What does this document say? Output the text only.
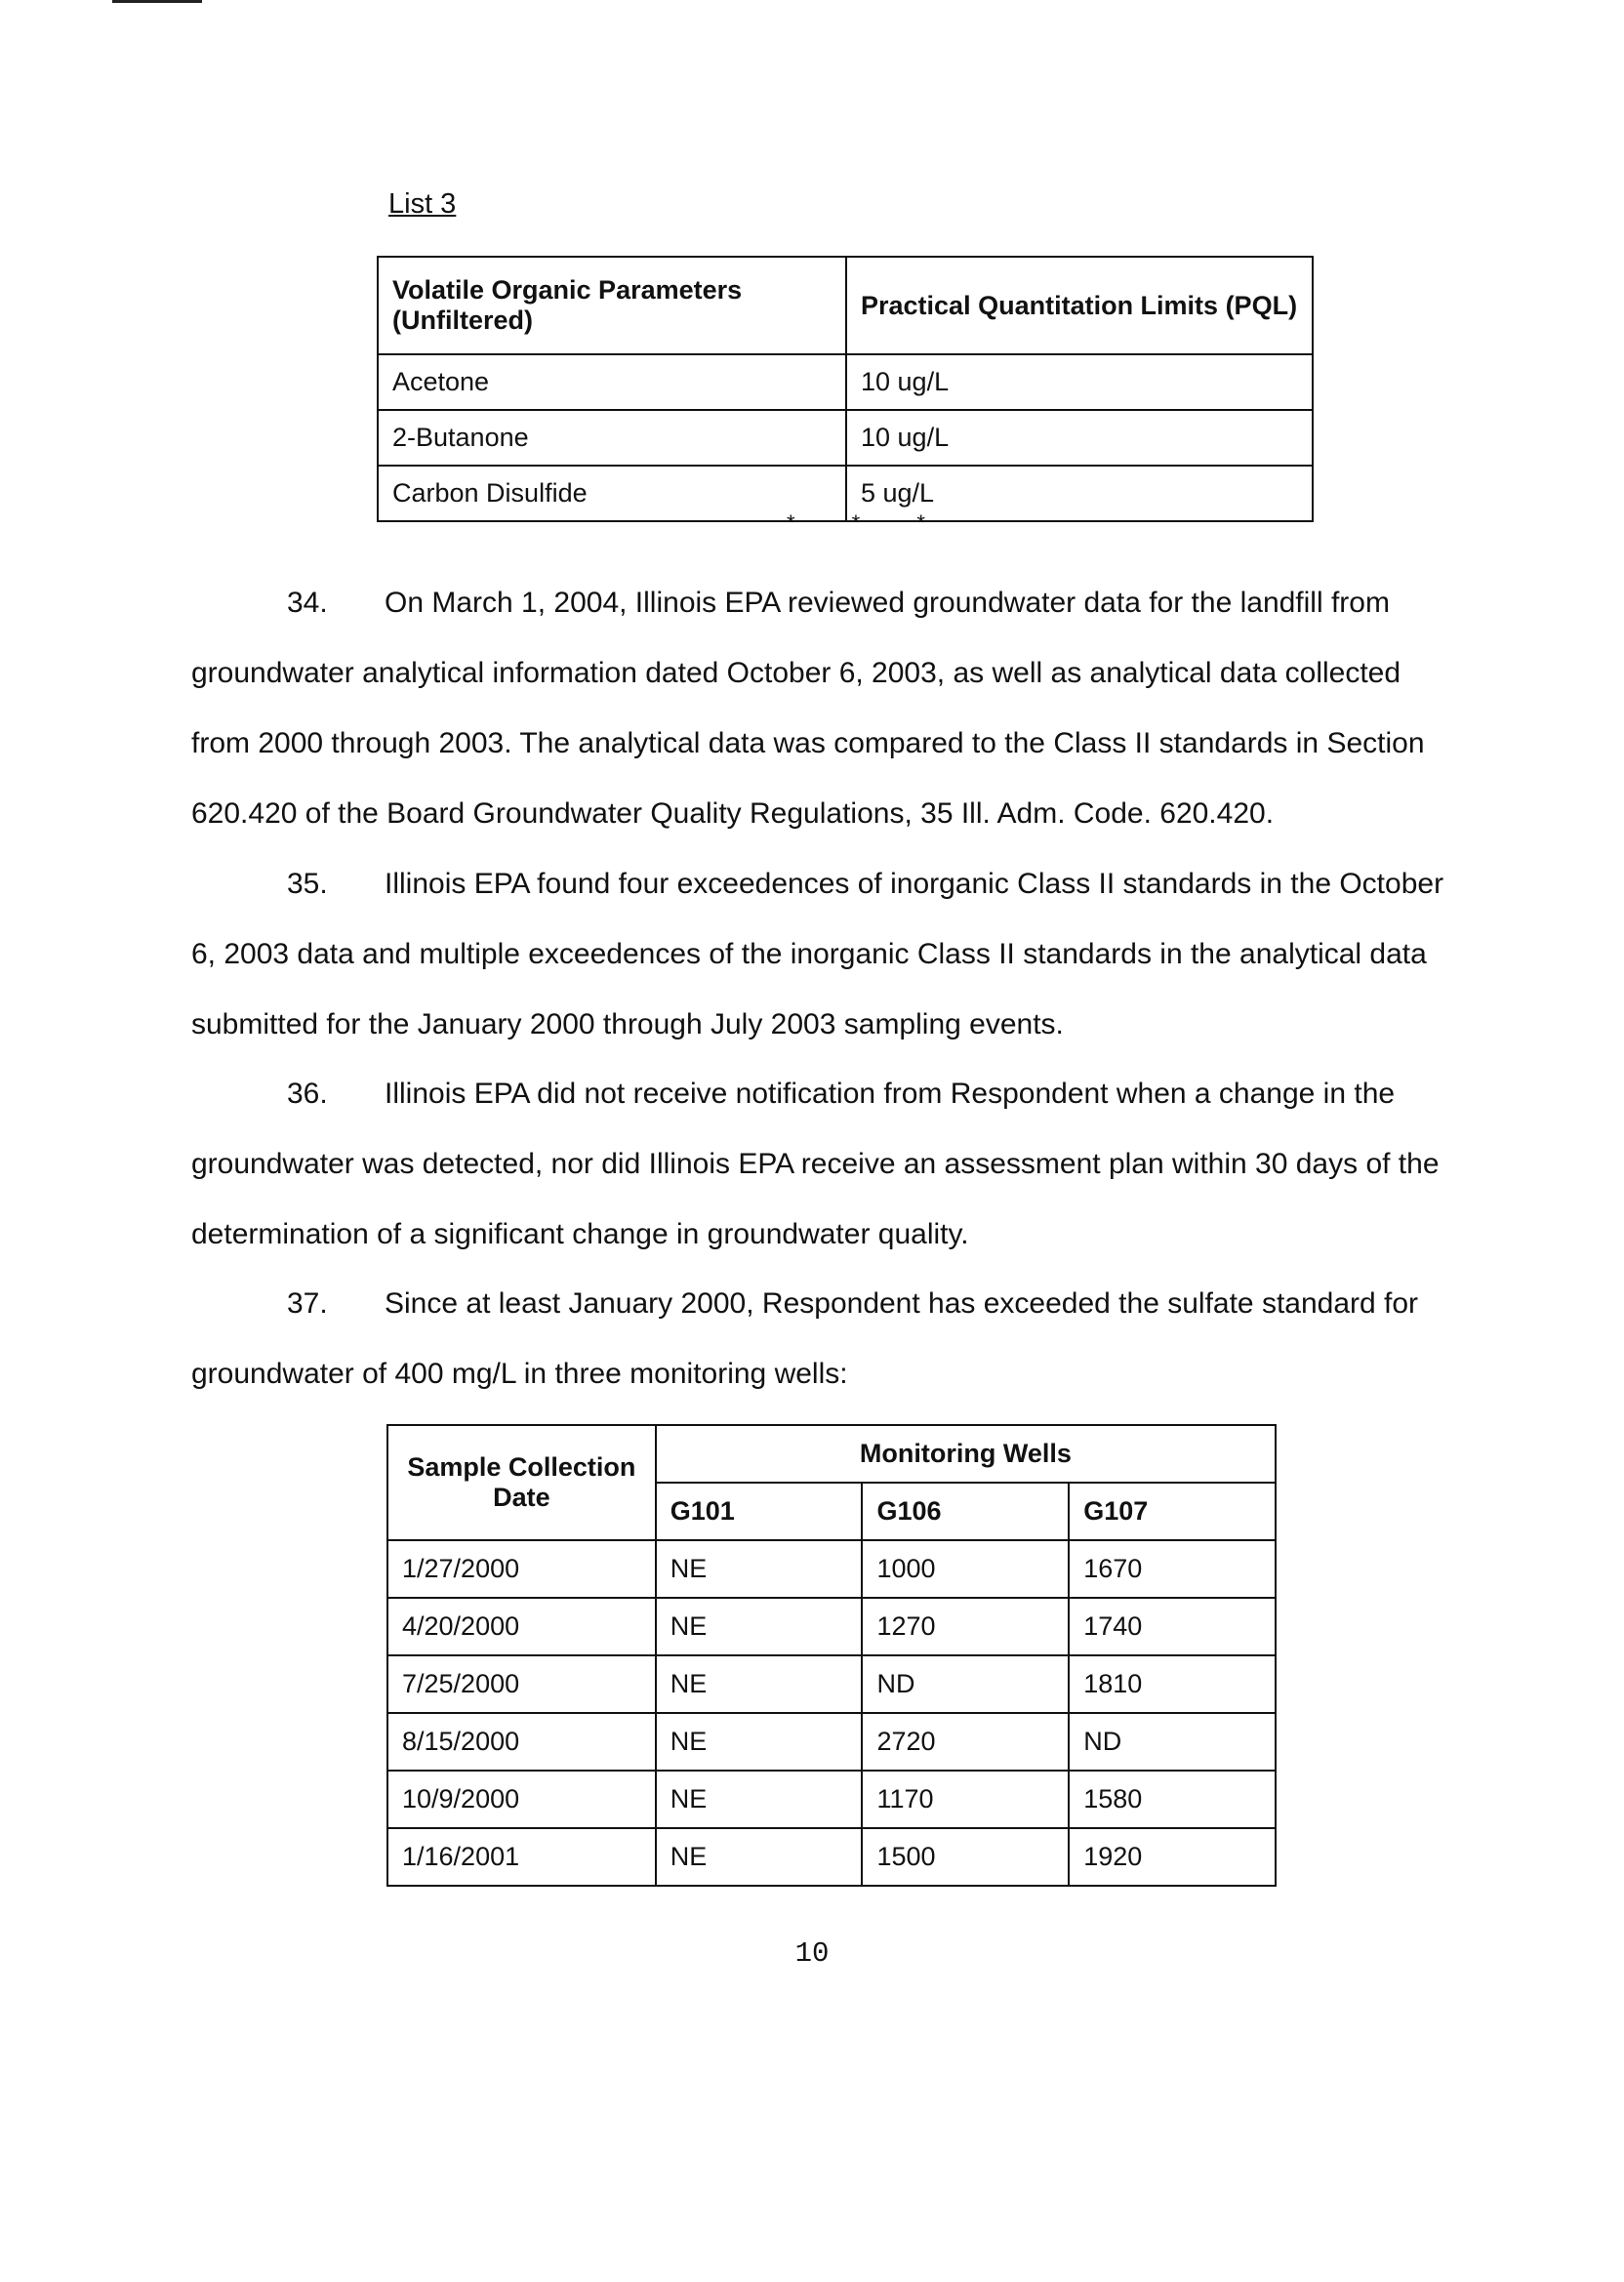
List 3
Volatile Organic Parameters (Unfiltered)	Practical Quantitation Limits (PQL)
Acetone	10 ug/L
2-Butanone	10 ug/L
Carbon Disulfide	5 ug/L
* * *
34. On March 1, 2004, Illinois EPA reviewed groundwater data for the landfill from groundwater analytical information dated October 6, 2003, as well as analytical data collected from 2000 through 2003. The analytical data was compared to the Class II standards in Section 620.420 of the Board Groundwater Quality Regulations, 35 Ill. Adm. Code. 620.420.
35. Illinois EPA found four exceedences of inorganic Class II standards in the October 6, 2003 data and multiple exceedences of the inorganic Class II standards in the analytical data submitted for the January 2000 through July 2003 sampling events.
36. Illinois EPA did not receive notification from Respondent when a change in the groundwater was detected, nor did Illinois EPA receive an assessment plan within 30 days of the determination of a significant change in groundwater quality.
37. Since at least January 2000, Respondent has exceeded the sulfate standard for groundwater of 400 mg/L in three monitoring wells:
Sample Collection Date	Monitoring Wells		
	G101	G106	G107
1/27/2000	NE	1000	1670
4/20/2000	NE	1270	1740
7/25/2000	NE	ND	1810
8/15/2000	NE	2720	ND
10/9/2000	NE	1170	1580
1/16/2001	NE	1500	1920
10
